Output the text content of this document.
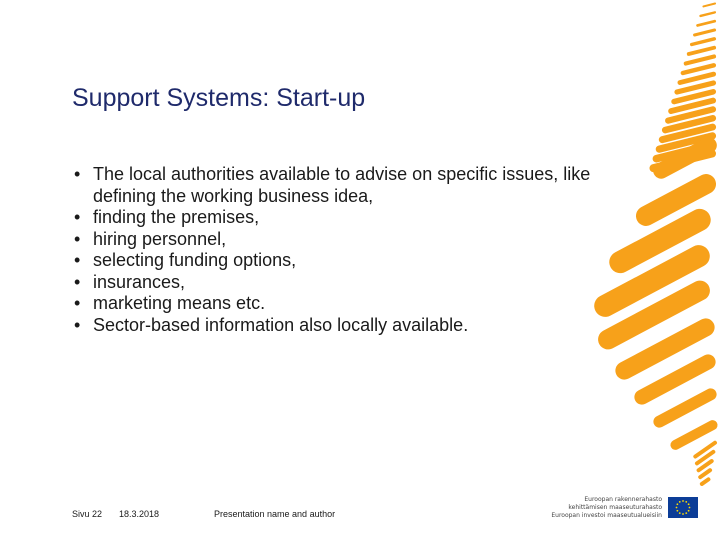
Support Systems: Start-up
• The local authorities available to advise on specific issues, like defining the working business idea,
• finding the premises,
• hiring personnel,
• selecting funding options,
• insurances,
• marketing means etc.
• Sector-based information also locally available.
Sivu 22 18.3.2018	Presentation name and author
Euroopan rakennerahasto
kehittämisen maaseuturahasto
Euroopan investoi maaseutualueisiin
